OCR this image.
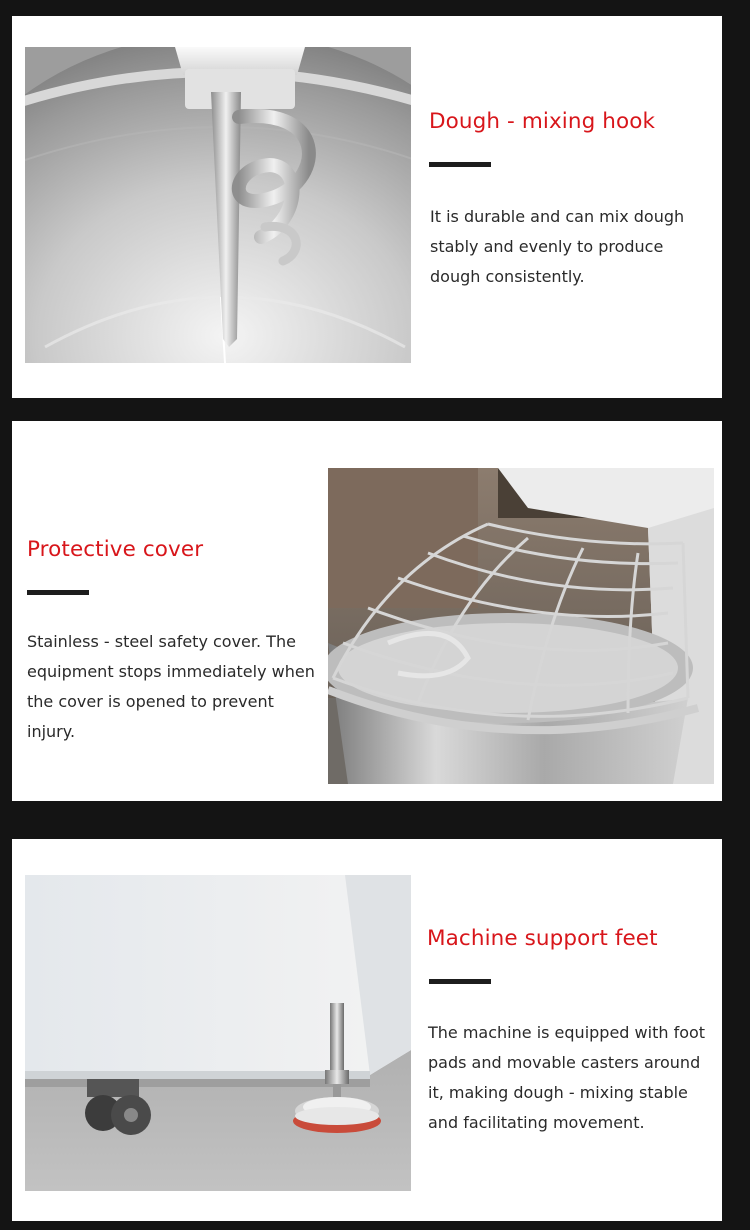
Dough - mixing hook

It is durable and can mix dough stably and evenly to produce dough consistently.

Protective cover

Stainless - steel safety cover. The equipment stops immediately when the cover is opened to prevent injury.

Machine support feet

The machine is equipped with foot pads and movable casters around it, making dough - mixing stable and facilitating movement.
